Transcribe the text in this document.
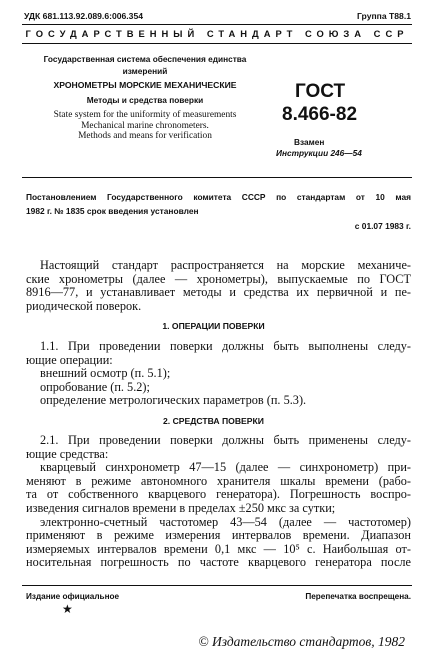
УДК 681.113.92.089.6:006.354	Группа Т88.1
ГОСУДАРСТВЕННЫЙ СТАНДАРТ СОЮЗА ССР
Государственная система обеспечения единства
измерений
ХРОНОМЕТРЫ МОРСКИЕ МЕХАНИЧЕСКИЕ
Методы и средства поверки
State system for the uniformity of measurements
Mechanical marine chronometers.
Methods and means for verification
ГОСТ
8.466-82
Взамен
Инструкции 246—54
Постановлением Государственного комитета СССР по стандартам от 10 мая
1982 г. № 1835 срок введения установлен
с 01.07 1983 г.
Настоящий стандарт распространяется на морские механиче-
ские хронометры (далее — хронометры), выпускаемые по ГОСТ
8916—77, и устанавливает методы и средства их первичной и пе-
риодической поверок.
1. ОПЕРАЦИИ ПОВЕРКИ
1.1. При проведении поверки должны быть выполнены следу-
ющие операции:
внешний осмотр (п. 5.1);
опробование (п. 5.2);
определение метрологических параметров (п. 5.3).
2. СРЕДСТВА ПОВЕРКИ
2.1. При проведении поверки должны быть применены следу-
ющие средства:
кварцевый синхронометр 47—15 (далее — синхронометр) при-
меняют в режиме автономного хранителя шкалы времени (рабо-
та от собственного кварцевого генератора). Погрешность воспро-
изведения сигналов времени в пределах ±250 мкс за сутки;
электронно-счетный частотомер 43—54 (далее — частотомер)
применяют в режиме измерения интервалов времени. Диапазон
измеряемых интервалов времени 0,1 мкс — 10⁵ с. Наибольшая от-
носительная погрешность по частоте кварцевого генератора после
Издание официальное	Перепечатка воспрещена.
★
© Издательство стандартов, 1982
